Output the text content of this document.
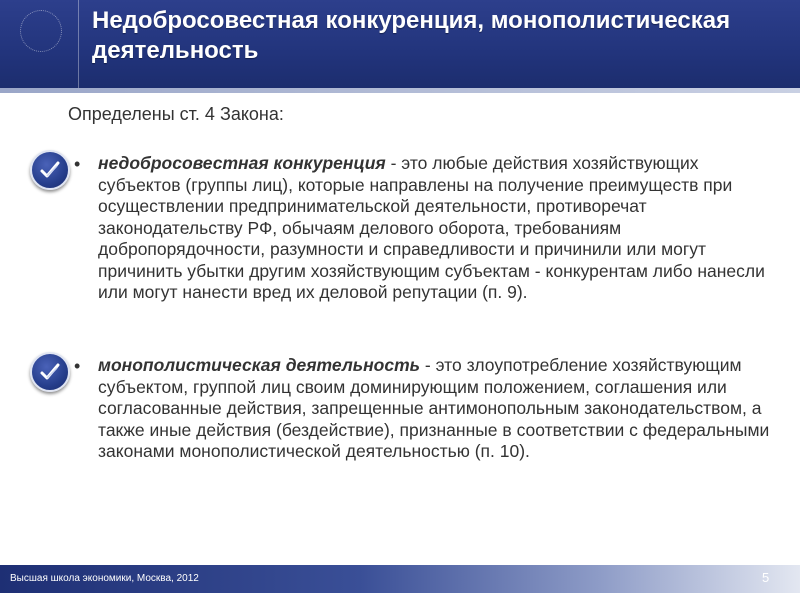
Недобросовестная конкуренция, монополистическая деятельность
Определены ст. 4 Закона:
• недобросовестная конкуренция - это любые действия хозяйствующих субъектов (группы лиц), которые направлены на получение преимуществ при осуществлении предпринимательской деятельности, противоречат законодательству РФ, обычаям делового оборота, требованиям добропорядочности, разумности и справедливости и причинили или могут причинить убытки другим хозяйствующим субъектам - конкурентам либо нанесли или могут нанести вред их деловой репутации (п. 9).
• монополистическая деятельность - это злоупотребление хозяйствующим субъектом, группой лиц своим доминирующим положением, соглашения или согласованные действия, запрещенные антимонопольным законодательством, а также иные действия (бездействие), признанные в соответствии с федеральными законами монополистической деятельностью (п. 10).
Высшая школа экономики, Москва, 2012	5
